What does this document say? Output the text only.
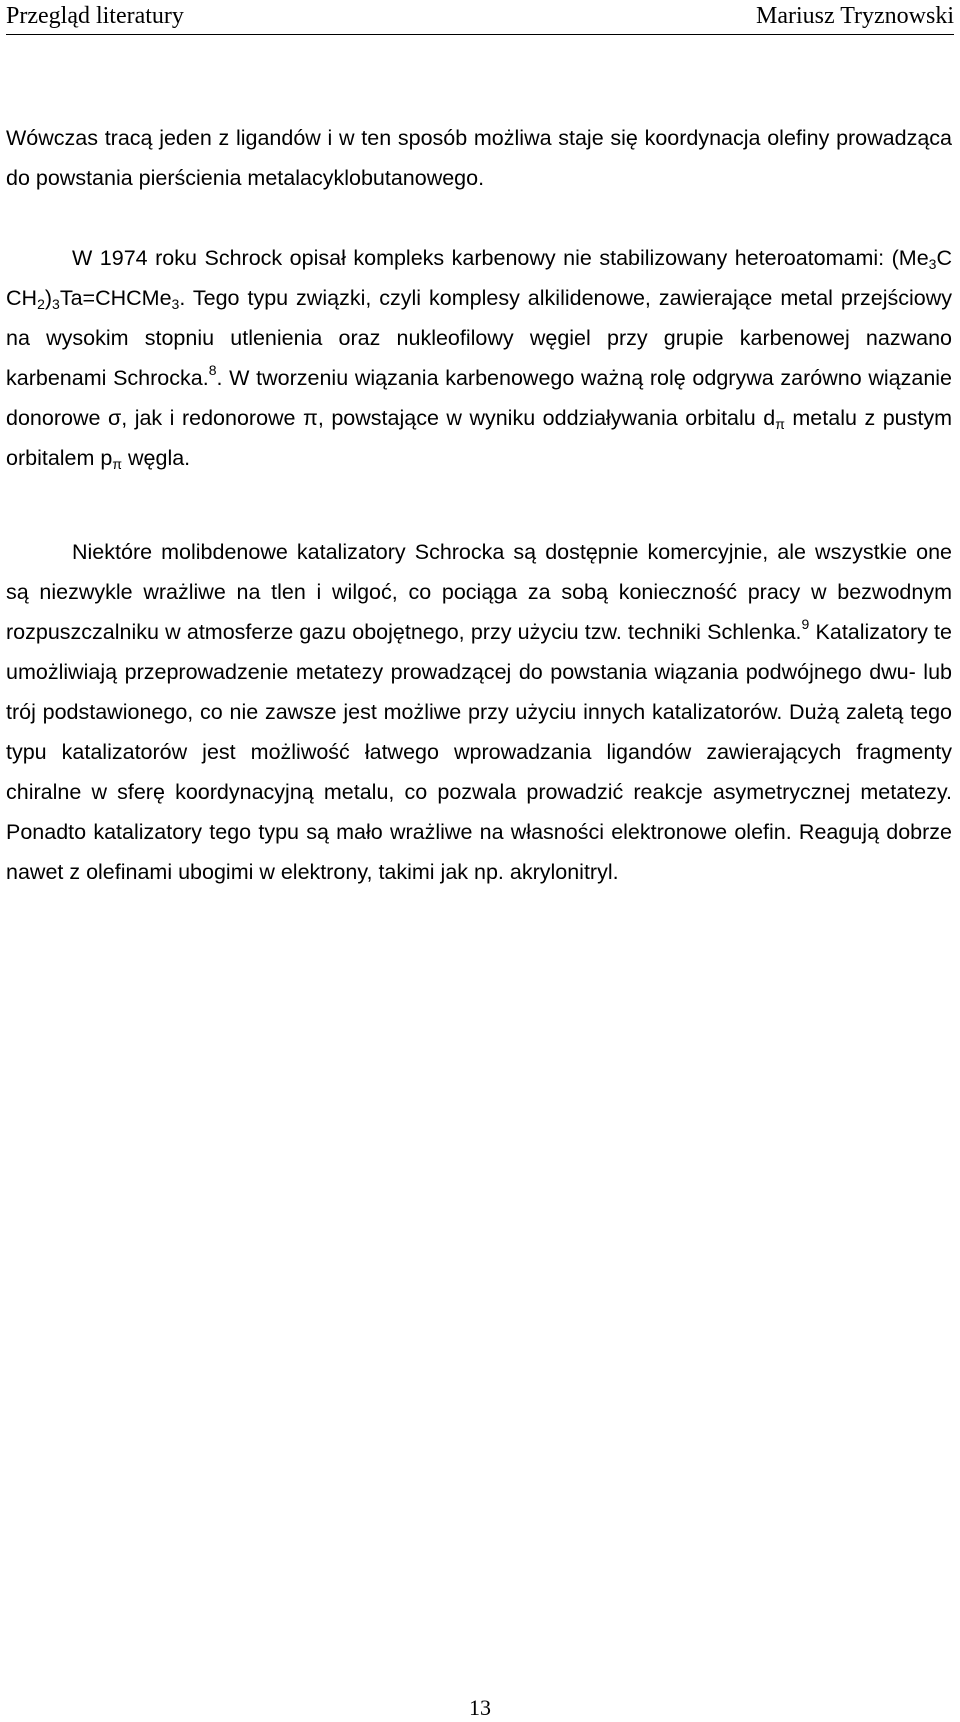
Przegląd literatury	Mariusz Tryznowski

Wówczas tracą jeden z ligandów i w ten sposób możliwa staje się koordynacja olefiny prowadząca do powstania pierścienia metalacyklobutanowego.

W 1974 roku Schrock opisał kompleks karbenowy nie stabilizowany heteroatomami: ($Me_3C$ $CH_2)_3Ta=CHCMe_3$. Tego typu związki, czyli komplesy alkilidenowe, zawierające metal przejściowy na wysokim stopniu utlenienia oraz nukleofilowy węgiel przy grupie karbenowej nazwano karbenami Schrocka.$^8$. W tworzeniu wiązania karbenowego ważną rolę odgrywa zarówno wiązanie donorowe σ, jak i redonorowe π, powstające w wyniku oddziaływania orbitalu $d_\pi$ metalu z pustym orbitalem $p_\pi$ węgla.

Niektóre molibdenowe katalizatory Schrocka są dostępnie komercyjnie, ale wszystkie one są niezwykle wrażliwe na tlen i wilgoć, co pociąga za sobą konieczność pracy w bezwodnym rozpuszczalniku w atmosferze gazu obojętnego, przy użyciu tzw. techniki Schlenka.$^9$ Katalizatory te umożliwiają przeprowadzenie metatezy prowadzącej do powstania wiązania podwójnego dwu- lub trój podstawionego, co nie zawsze jest możliwe przy użyciu innych katalizatorów. Dużą zaletą tego typu katalizatorów jest możliwość łatwego wprowadzania ligandów zawierających fragmenty chiralne w sferę koordynacyjną metalu, co pozwala prowadzić reakcje asymetrycznej metatezy. Ponadto katalizatory tego typu są mało wrażliwe na własności elektronowe olefin. Reagują dobrze nawet z olefinami ubogimi w elektrony, takimi jak np. akrylonitryl.

13
